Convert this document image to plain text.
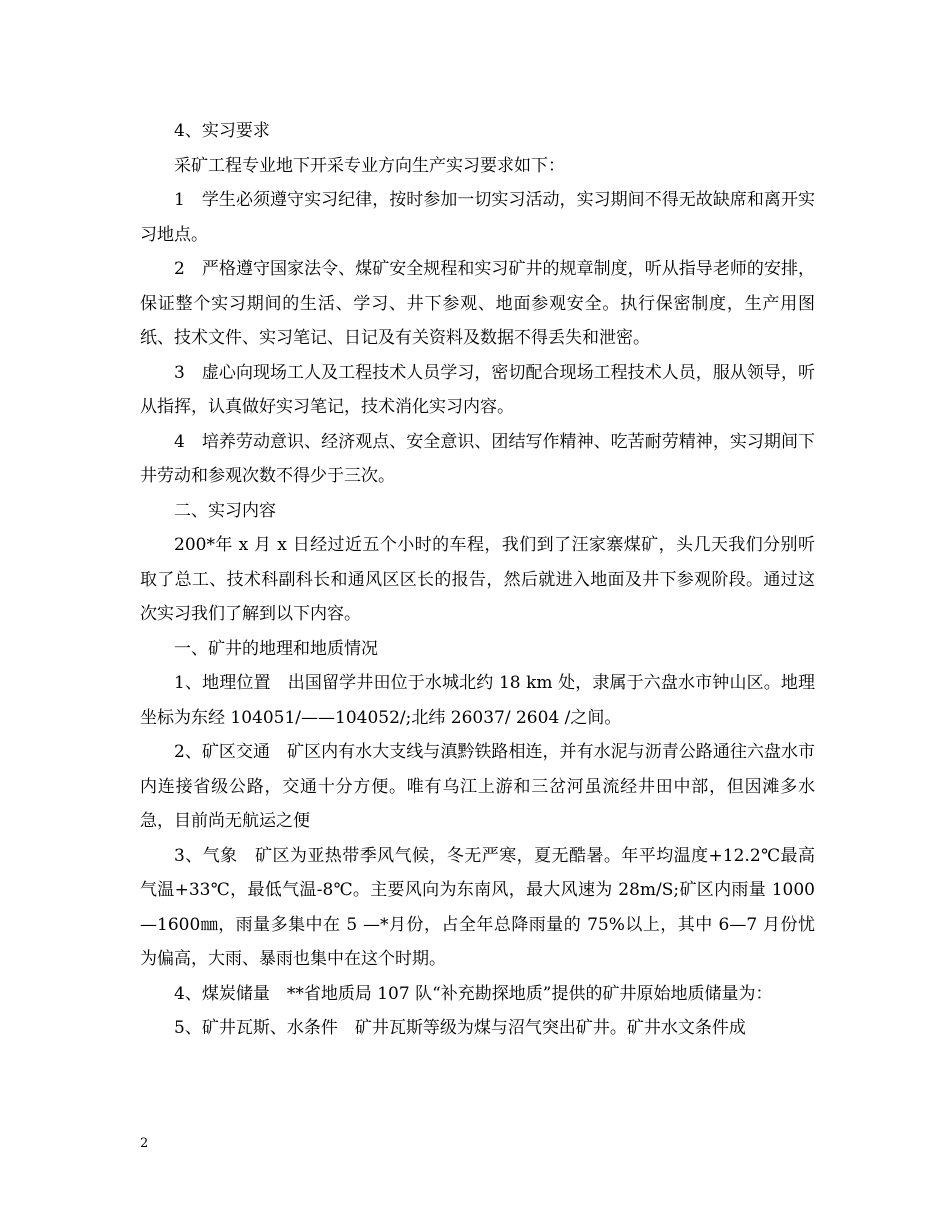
4、实习要求

采矿工程专业地下开采专业方向生产实习要求如下：

1　学生必须遵守实习纪律，按时参加一切实习活动，实习期间不得无故缺席和离开实习地点。

2　严格遵守国家法令、煤矿安全规程和实习矿井的规章制度，听从指导老师的安排，保证整个实习期间的生活、学习、井下参观、地面参观安全。执行保密制度，生产用图纸、技术文件、实习笔记、日记及有关资料及数据不得丢失和泄密。

3　虚心向现场工人及工程技术人员学习，密切配合现场工程技术人员，服从领导，听从指挥，认真做好实习笔记，技术消化实习内容。

4　培养劳动意识、经济观点、安全意识、团结写作精神、吃苦耐劳精神，实习期间下井劳动和参观次数不得少于三次。

二、实习内容

200*年 x 月 x 日经过近五个小时的车程，我们到了汪家寨煤矿，头几天我们分别听取了总工、技术科副科长和通风区区长的报告，然后就进入地面及井下参观阶段。通过这次实习我们了解到以下内容。

一、矿井的地理和地质情况

1、地理位置　出国留学井田位于水城北约 18 km 处，隶属于六盘水市钟山区。地理坐标为东经 104051/——104052/;北纬 26037/ 2604 /之间。

2、矿区交通　矿区内有水大支线与滇黔铁路相连，并有水泥与沥青公路通往六盘水市内连接省级公路，交通十分方便。唯有乌江上游和三岔河虽流经井田中部，但因滩多水急，目前尚无航运之便

3、气象　矿区为亚热带季风气候，冬无严寒，夏无酷暑。年平均温度+12.2℃最高气温+33℃，最低气温-8℃。主要风向为东南风，最大风速为 28m/S;矿区内雨量 1000—1600㎜，雨量多集中在 5 —*月份，占全年总降雨量的 75%以上，其中 6—7 月份忧为偏高，大雨、暴雨也集中在这个时期。

4、煤炭储量　**省地质局 107 队“补充勘探地质”提供的矿井原始地质储量为：

5、矿井瓦斯、水条件　矿井瓦斯等级为煤与沼气突出矿井。矿井水文条件成

2
